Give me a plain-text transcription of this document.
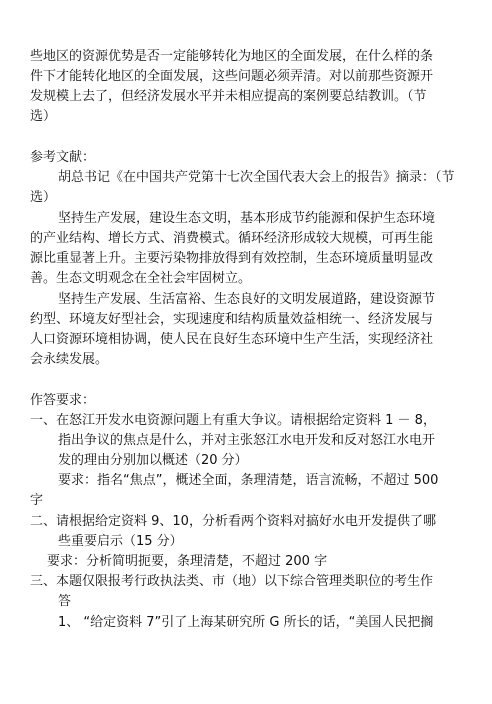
些地区的资源优势是否一定能够转化为地区的全面发展，在什么样的条
件下才能转化地区的全面发展，这些问题必须弄清。对以前那些资源开
发规模上去了，但经济发展水平并未相应提高的案例要总结教训。（节
选）
参考文献：
胡总书记《在中国共产党第十七次全国代表大会上的报告》摘录：（节
选）
坚持生产发展，建设生态文明，基本形成节约能源和保护生态环境
的产业结构、增长方式、消费模式。循环经济形成较大规模，可再生能
源比重显著上升。主要污染物排放得到有效控制，生态环境质量明显改
善。生态文明观念在全社会牢固树立。
坚持生产发展、生活富裕、生态良好的文明发展道路，建设资源节
约型、环境友好型社会，实现速度和结构质量效益相统一、经济发展与
人口资源环境相协调，使人民在良好生态环境中生产生活，实现经济社
会永续发展。
作答要求：
一、在怒江开发水电资源问题上有重大争议。请根据给定资料 1 － 8，
指出争议的焦点是什么，并对主张怒江水电开发和反对怒江水电开
发的理由分别加以概述（20 分）
要求：指名“焦点”，概述全面，条理清楚，语言流畅，不超过 500
字
二、请根据给定资料 9、10，分析看两个资料对搞好水电开发提供了哪
些重要启示（15 分）
要求：分析简明扼要，条理清楚，不超过 200 字
三、本题仅限报考行政执法类、市（地）以下综合管理类职位的考生作
答
1、 “给定资料 7”引了上海某研究所 G 所长的话，“美国人民把搁
